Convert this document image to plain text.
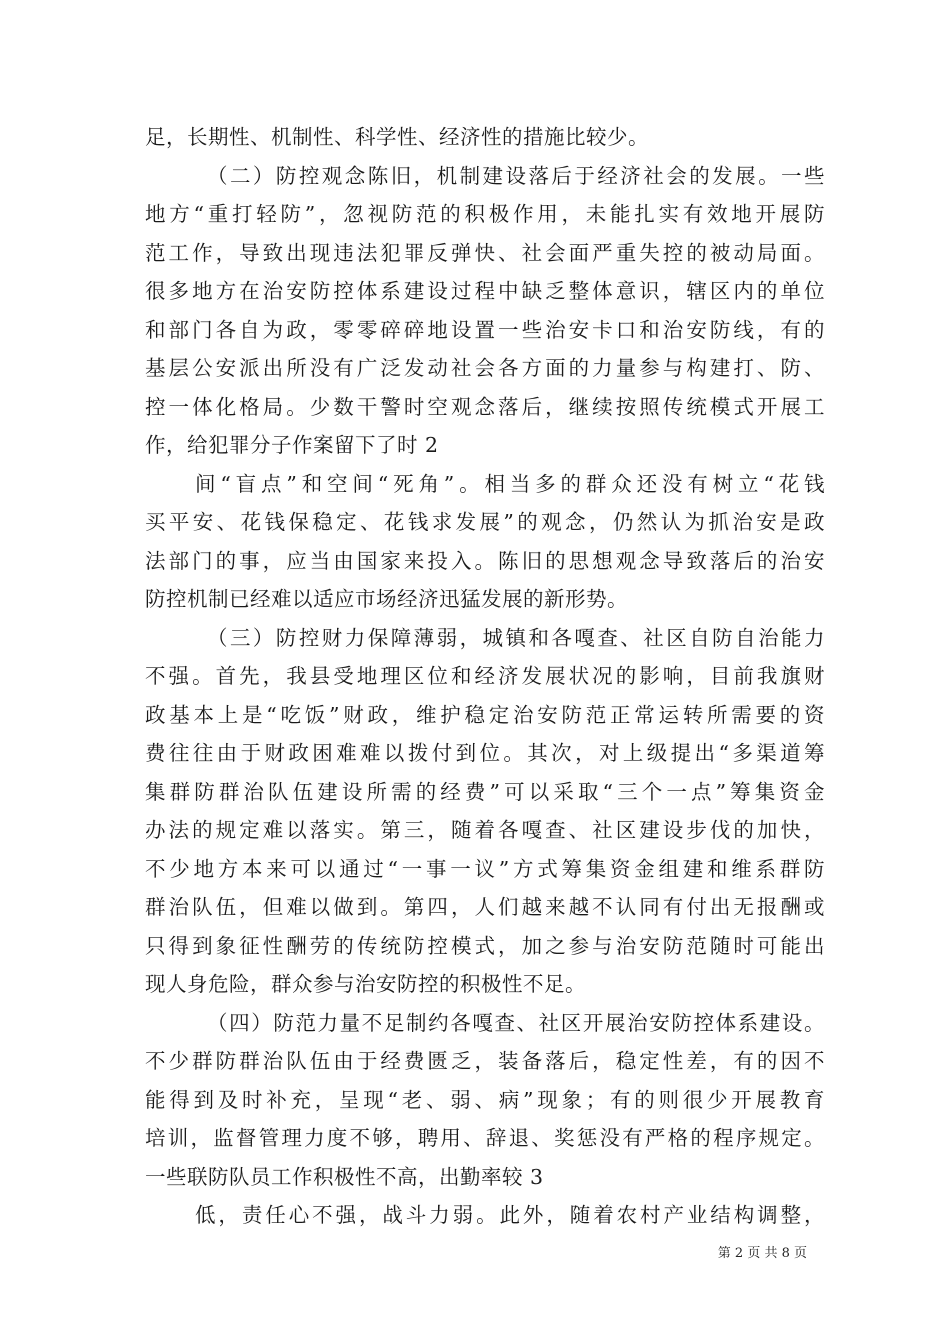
足，长期性、机制性、科学性、经济性的措施比较少。
（二）防控观念陈旧，机制建设落后于经济社会的发展。一些
地方“重打轻防”，忽视防范的积极作用，未能扎实有效地开展防
范工作，导致出现违法犯罪反弹快、社会面严重失控的被动局面。
很多地方在治安防控体系建设过程中缺乏整体意识，辖区内的单位
和部门各自为政，零零碎碎地设置一些治安卡口和治安防线，有的
基层公安派出所没有广泛发动社会各方面的力量参与构建打、防、
控一体化格局。少数干警时空观念落后，继续按照传统模式开展工
作，给犯罪分子作案留下了时 2
间“盲点”和空间“死角”。相当多的群众还没有树立“花钱
买平安、花钱保稳定、花钱求发展”的观念，仍然认为抓治安是政
法部门的事，应当由国家来投入。陈旧的思想观念导致落后的治安
防控机制已经难以适应市场经济迅猛发展的新形势。
（三）防控财力保障薄弱，城镇和各嘎查、社区自防自治能力
不强。首先，我县受地理区位和经济发展状况的影响，目前我旗财
政基本上是“吃饭”财政，维护稳定治安防范正常运转所需要的资
费往往由于财政困难难以拨付到位。其次，对上级提出“多渠道筹
集群防群治队伍建设所需的经费”可以采取“三个一点”筹集资金
办法的规定难以落实。第三，随着各嘎查、社区建设步伐的加快，
不少地方本来可以通过“一事一议”方式筹集资金组建和维系群防
群治队伍，但难以做到。第四，人们越来越不认同有付出无报酬或
只得到象征性酬劳的传统防控模式，加之参与治安防范随时可能出
现人身危险，群众参与治安防控的积极性不足。
（四）防范力量不足制约各嘎查、社区开展治安防控体系建设。
不少群防群治队伍由于经费匮乏，装备落后，稳定性差，有的因不
能得到及时补充，呈现“老、弱、病”现象；有的则很少开展教育
培训，监督管理力度不够，聘用、辞退、奖惩没有严格的程序规定。
一些联防队员工作积极性不高，出勤率较 3
低，责任心不强，战斗力弱。此外，随着农村产业结构调整，
第 2 页 共 8 页
